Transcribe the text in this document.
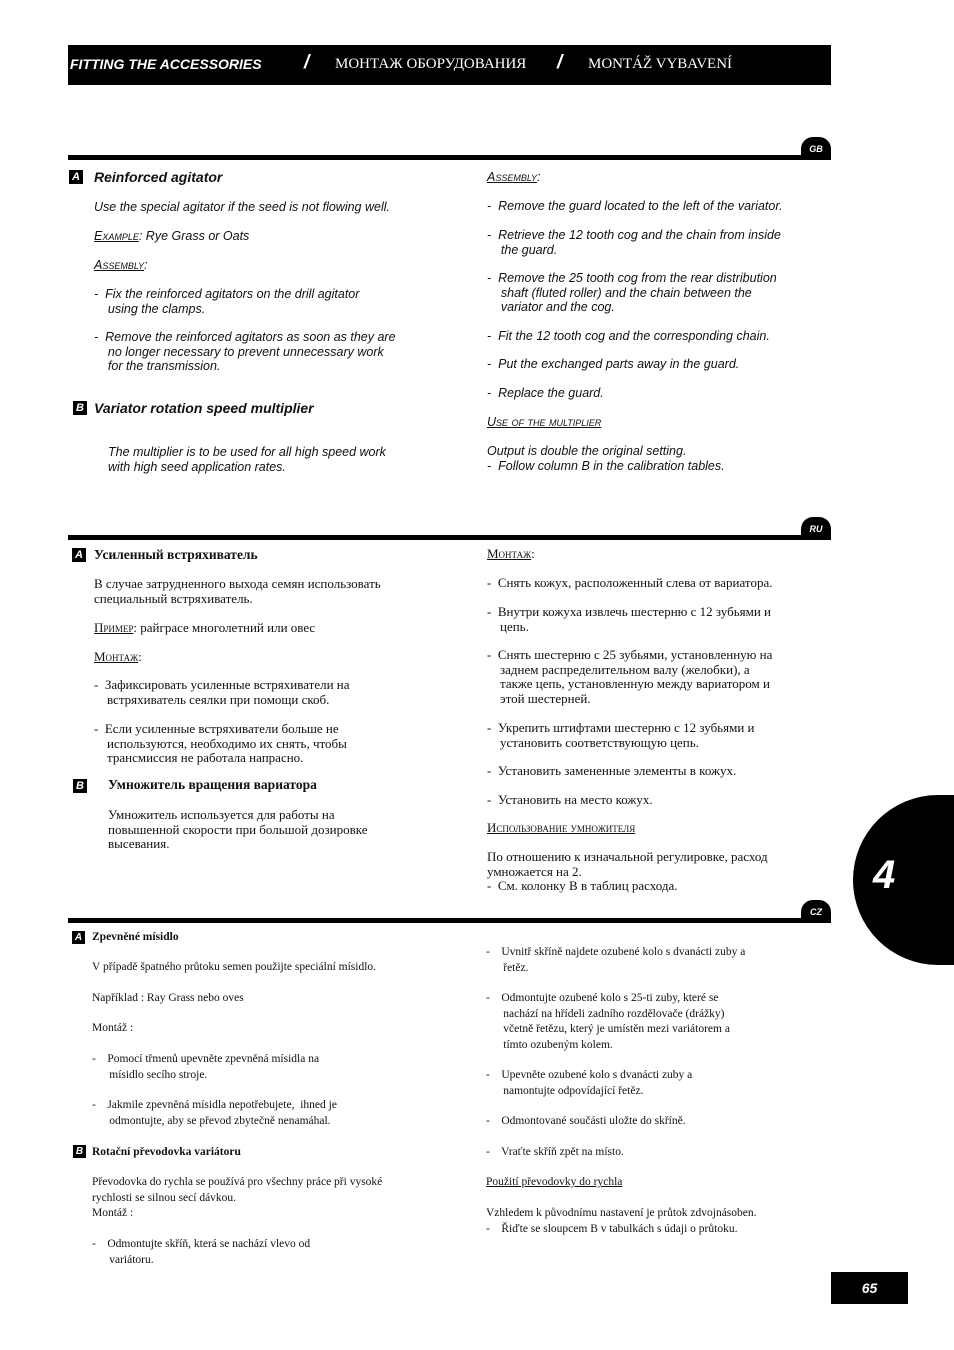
FITTING THE ACCESSORIES / МОНТАЖ ОБОРУДОВАНИЯ / MONTÁŽ VYBAVENÍ
GB
A Reinforced agitator
Use the special agitator if the seed is not flowing well.
Example: Rye Grass or Oats
Assembly:
-  Fix the reinforced agitators on the drill agitator
using the clamps.
-  Remove the reinforced agitators as soon as they are
no longer necessary to prevent unnecessary work
for the transmission.
B Variator rotation speed multiplier
The multiplier is to be used for all high speed work
with high seed application rates.
Assembly:
-  Remove the guard located to the left of the variator.
-  Retrieve the 12 tooth cog and the chain from inside
the guard.
-  Remove the 25 tooth cog from the rear distribution
shaft (fluted roller) and the chain between the
variator and the cog.
-  Fit the 12 tooth cog and the corresponding chain.
-  Put the exchanged parts away in the guard.
-  Replace the guard.
Use of the multiplier
Output is double the original setting.
-  Follow column B in the calibration tables.
RU
A Усиленный встряхиватель
В случае затрудненного выхода семян использовать
специальный встряхиватель.
Пример: райграсе многолетний или овес
Монтаж:
-  Зафиксировать усиленные встряхиватели на
встряхиватель сеялки при помощи скоб.
-  Если усиленные встряхиватели больше не
используются, необходимо их снять, чтобы
трансмиссия не работала напрасно.
B Умножитель вращения вариатора
Умножитель используется для работы на
повышенной скорости при большой дозировке
высевания.
Монтаж:
-  Снять кожух, расположенный слева от вариатора.
-  Внутри кожуха извлечь шестерню с 12 зубьями и
цепь.
-  Снять шестерню с 25 зубьями, установленную на
заднем распределительном валу (желобки), а
также цепь, установленную между вариатором и
этой шестерней.
-  Укрепить штифтами шестерню с 12 зубьями и
установить соответствующую цепь.
-  Установить замененные элементы в кожух.
-  Установить на место кожух.
Использование умножителя
По отношению к изначальной регулировке, расход
умножается на 2.
-  См. колонку B в таблиц расхода.	4
CZ
A Zpevněné mísidlo
V případě špatného průtoku semen použijte speciální mísidlo.
Například : Ray Grass nebo oves
Montáž :
-    Pomocí třmenů upevněte zpevněná mísidla na
mísidlo secího stroje.
-    Jakmile zpevněná mísidla nepotřebujete,  ihned je
odmontujte, aby se převod zbytečně nenamáhal.
B Rotační převodovka variátoru
Převodovka do rychla se používá pro všechny práce při vysoké
rychlosti se silnou secí dávkou.
Montáž :
-    Odmontujte skříň, která se nachází vlevo od
variátoru.
-    Uvnitř skříně najdete ozubené kolo s dvanácti zuby a
řetěz.
-    Odmontujte ozubené kolo s 25-ti zuby, které se
nachází na hřídeli zadního rozdělovače (drážky)
včetně řetězu, který je umístěn mezi variátorem a
tímto ozubeným kolem.
-    Upevněte ozubené kolo s dvanácti zuby a
namontujte odpovídající řetěz.
-    Odmontované součásti uložte do skříně.
-    Vraťte skříň zpět na místo.
Použití převodovky do rychla
Vzhledem k původnímu nastavení je průtok zdvojnásoben.
-    Řiďte se sloupcem B v tabulkách s údaji o průtoku.
65
